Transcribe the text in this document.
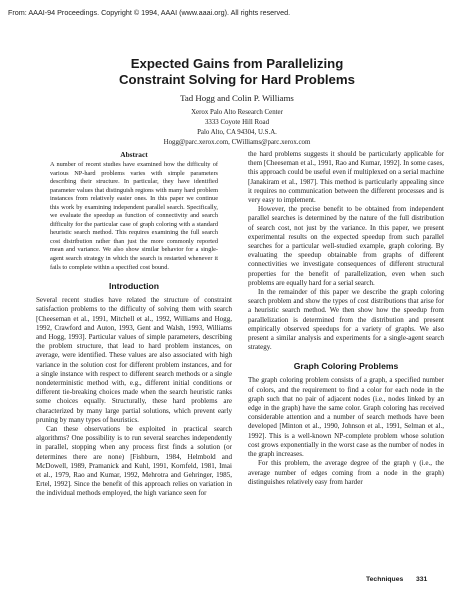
From: AAAI-94 Proceedings. Copyright © 1994, AAAI (www.aaai.org). All rights reserved.
Expected Gains from Parallelizing
Constraint Solving for Hard Problems
Tad Hogg and Colin P. Williams
Xerox Palo Alto Research Center
3333 Coyote Hill Road
Palo Alto, CA 94304, U.S.A.
Hogg@parc.xerox.com, CWilliams@parc.xerox.com
Abstract

A number of recent studies have examined how the difficulty of various NP-hard problems varies with simple parameters describing their structure. In particular, they have identified parameter values that distinguish regions with many hard problem instances from relatively easier ones. In this paper we continue this work by examining independent parallel search. Specifically, we evaluate the speedup as function of connectivity and search difficulty for the particular case of graph coloring with a standard heuristic search method. This requires examining the full search cost distribution rather than just the more commonly reported mean and variance. We also show similar behavior for a single-agent search strategy in which the search is restarted whenever it fails to complete within a specified cost bound.

Introduction

Several recent studies have related the structure of constraint satisfaction problems to the difficulty of solving them with search [Cheeseman et al., 1991, Mitchell et al., 1992, Williams and Hogg, 1992, Crawford and Auton, 1993, Gent and Walsh, 1993, Williams and Hogg, 1993]. Particular values of simple parameters, describing the problem structure, that lead to hard problem instances, on average, were identified. These values are also associated with high variance in the solution cost for different problem instances, and for a single instance with respect to different search methods or a single nondeterministic method with, e.g., different initial conditions or different tie-breaking choices made when the search heuristic ranks some choices equally. Structurally, these hard problems are characterized by many large partial solutions, which prevent early pruning by many types of heuristics.

Can these observations be exploited in practical search algorithms? One possibility is to run several searches independently in parallel, stopping when any process first finds a solution (or determines there are none) [Fishburn, 1984, Helmbold and McDowell, 1989, Pramanick and Kuhl, 1991, Kornfeld, 1981, Imai et al., 1979, Rao and Kumar, 1992, Mehrotra and Gehringer, 1985, Ertel, 1992]. Since the benefit of this approach relies on variation in the individual methods employed, the high variance seen for

the hard problems suggests it should be particularly applicable for them [Cheeseman et al., 1991, Rao and Kumar, 1992]. In some cases, this approach could be useful even if multiplexed on a serial machine [Janakiram et al., 1987]. This method is particularly appealing since it requires no communication between the different processes and is very easy to implement.

However, the precise benefit to be obtained from independent parallel searches is determined by the nature of the full distribution of search cost, not just by the variance. In this paper, we present experimental results on the expected speedup from such parallel searches for a particular well-studied example, graph coloring. By evaluating the speedup obtainable from graphs of different connectivities we investigate consequences of different structural properties for the benefit of parallelization, even when such problems are equally hard for a serial search.

In the remainder of this paper we describe the graph coloring search problem and show the types of cost distributions that arise for a heuristic search method. We then show how the speedup from parallelization is determined from the distribution and present empirically observed speedups for a variety of graphs. We also present a similar analysis and experiments for a single-agent search strategy.

Graph Coloring Problems

The graph coloring problem consists of a graph, a specified number of colors, and the requirement to find a color for each node in the graph such that no pair of adjacent nodes (i.e., nodes linked by an edge in the graph) have the same color. Graph coloring has received considerable attention and a number of search methods have been developed [Minton et al., 1990, Johnson et al., 1991, Selman et al., 1992]. This is a well-known NP-complete problem whose solution cost grows exponentially in the worst case as the number of nodes in the graph increases.

For this problem, the average degree of the graph γ (i.e., the average number of edges coming from a node in the graph) distinguishes relatively easy from harder

Techniques 331
